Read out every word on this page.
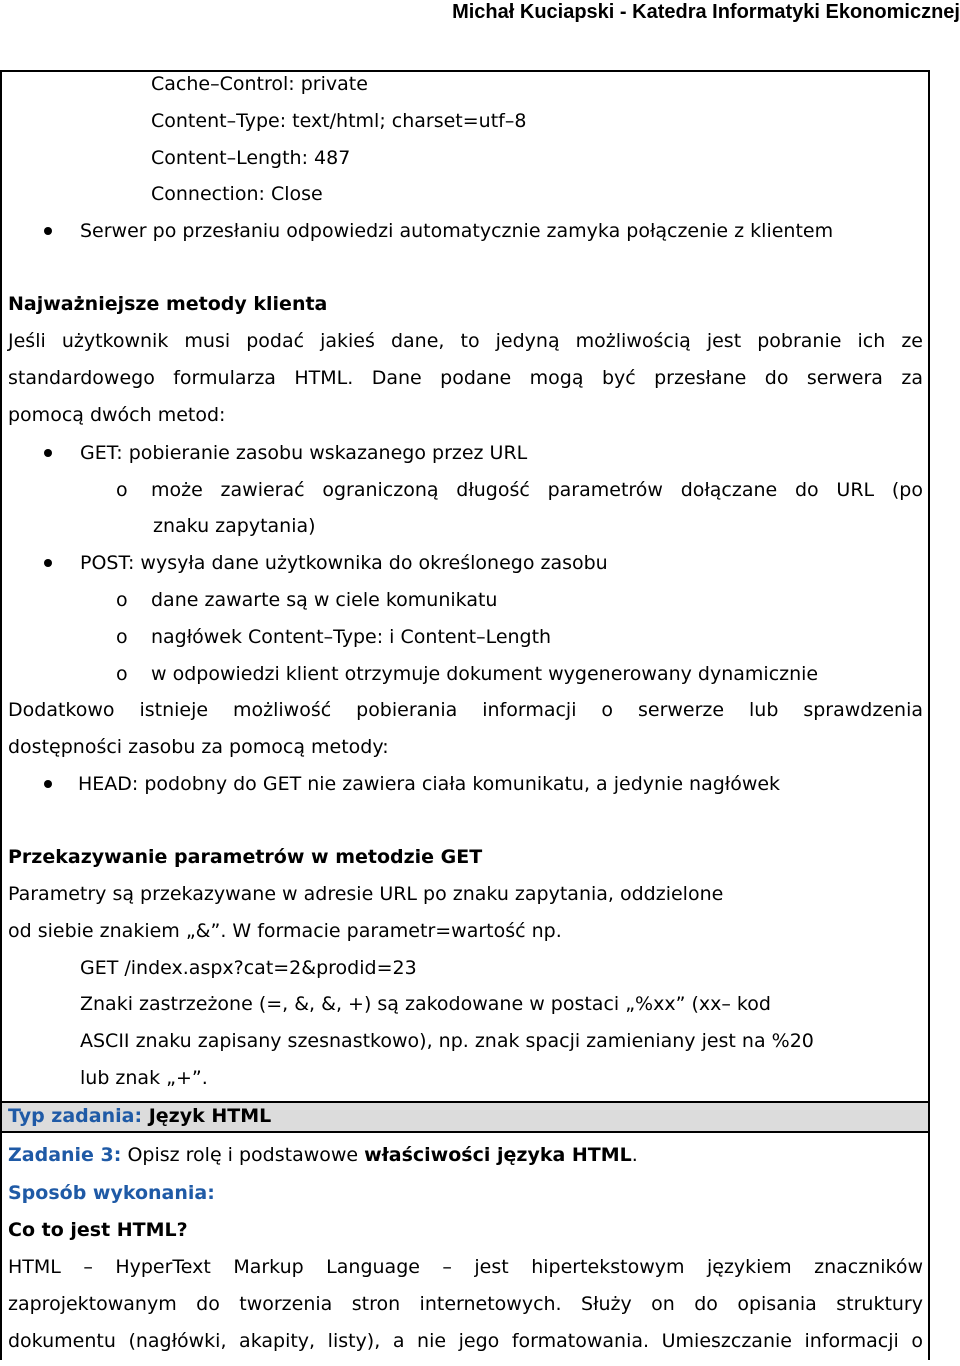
Michał Kuciapski - Katedra Informatyki Ekonomicznej
Cache–Control: private
Content–Type: text/html; charset=utf–8
Content–Length: 487
Connection: Close
Serwer po przesłaniu odpowiedzi automatycznie zamyka połączenie z klientem
Najważniejsze metody klienta
Jeśli użytkownik musi podać jakieś dane, to jedyną możliwością jest pobranie ich ze
standardowego formularza HTML. Dane podane mogą być przesłane do serwera za
pomocą dwóch metod:
GET: pobieranie zasobu wskazanego przez URL
o może zawierać ograniczoną długość parametrów dołączane do URL (po
znaku zapytania)
POST: wysyła dane użytkownika do określonego zasobu
o dane zawarte są w ciele komunikatu
o nagłówek Content–Type: i Content–Length
o w odpowiedzi klient otrzymuje dokument wygenerowany dynamicznie
Dodatkowo istnieje możliwość pobierania informacji o serwerze lub sprawdzenia
dostępności zasobu za pomocą metody:
HEAD: podobny do GET nie zawiera ciała komunikatu, a jedynie nagłówek
Przekazywanie parametrów w metodzie GET
Parametry są przekazywane w adresie URL po znaku zapytania, oddzielone
od siebie znakiem „&”. W formacie parametr=wartość np.
GET /index.aspx?cat=2&prodid=23
Znaki zastrzeżone (=, &, &, +) są zakodowane w postaci „%xx” (xx– kod
ASCII znaku zapisany szesnastkowo), np. znak spacji zamieniany jest na %20
lub znak „+”.
Typ zadania: Język HTML
Zadanie 3: Opisz rolę i podstawowe właściwości języka HTML.
Sposób wykonania:
Co to jest HTML?
HTML – HyperText Markup Language – jest hipertekstowym językiem znaczników
zaprojektowanym do tworzenia stron internetowych. Służy on do opisania struktury
dokumentu (nagłówki, akapity, listy), a nie jego formatowania. Umieszczanie informacji o
